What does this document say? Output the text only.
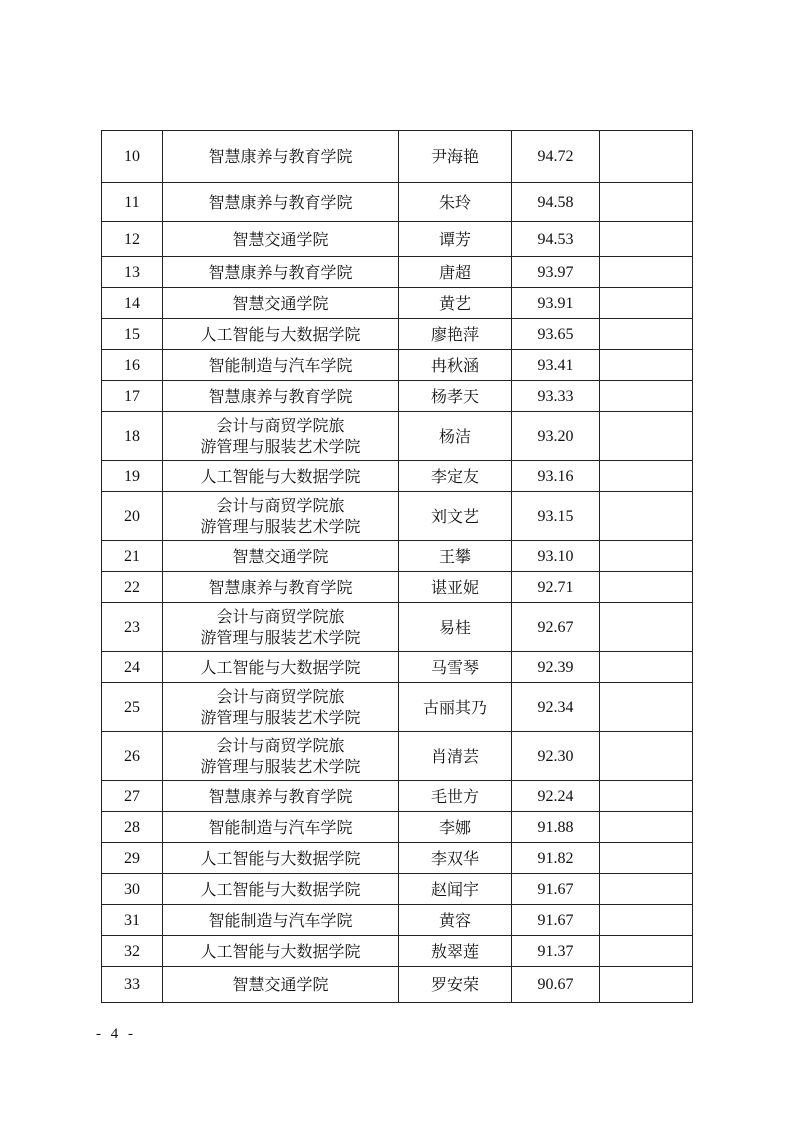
10	智慧康养与教育学院	尹海艳	94.72	
11	智慧康养与教育学院	朱玲	94.58	
12	智慧交通学院	谭芳	94.53	
13	智慧康养与教育学院	唐超	93.97	
14	智慧交通学院	黄艺	93.91	
15	人工智能与大数据学院	廖艳萍	93.65	
16	智能制造与汽车学院	冉秋涵	93.41	
17	智慧康养与教育学院	杨孝天	93.33	
18	会计与商贸学院旅
游管理与服装艺术学院	杨洁	93.20	
19	人工智能与大数据学院	李定友	93.16	
20	会计与商贸学院旅
游管理与服装艺术学院	刘文艺	93.15	
21	智慧交通学院	王攀	93.10	
22	智慧康养与教育学院	谌亚妮	92.71	
23	会计与商贸学院旅
游管理与服装艺术学院	易桂	92.67	
24	人工智能与大数据学院	马雪琴	92.39	
25	会计与商贸学院旅
游管理与服装艺术学院	古丽其乃	92.34	
26	会计与商贸学院旅
游管理与服装艺术学院	肖清芸	92.30	
27	智慧康养与教育学院	毛世方	92.24	
28	智能制造与汽车学院	李娜	91.88	
29	人工智能与大数据学院	李双华	91.82	
30	人工智能与大数据学院	赵闻宇	91.67	
31	智能制造与汽车学院	黄容	91.67	
32	人工智能与大数据学院	敖翠莲	91.37	
33	智慧交通学院	罗安荣	90.67	
- 4 -
